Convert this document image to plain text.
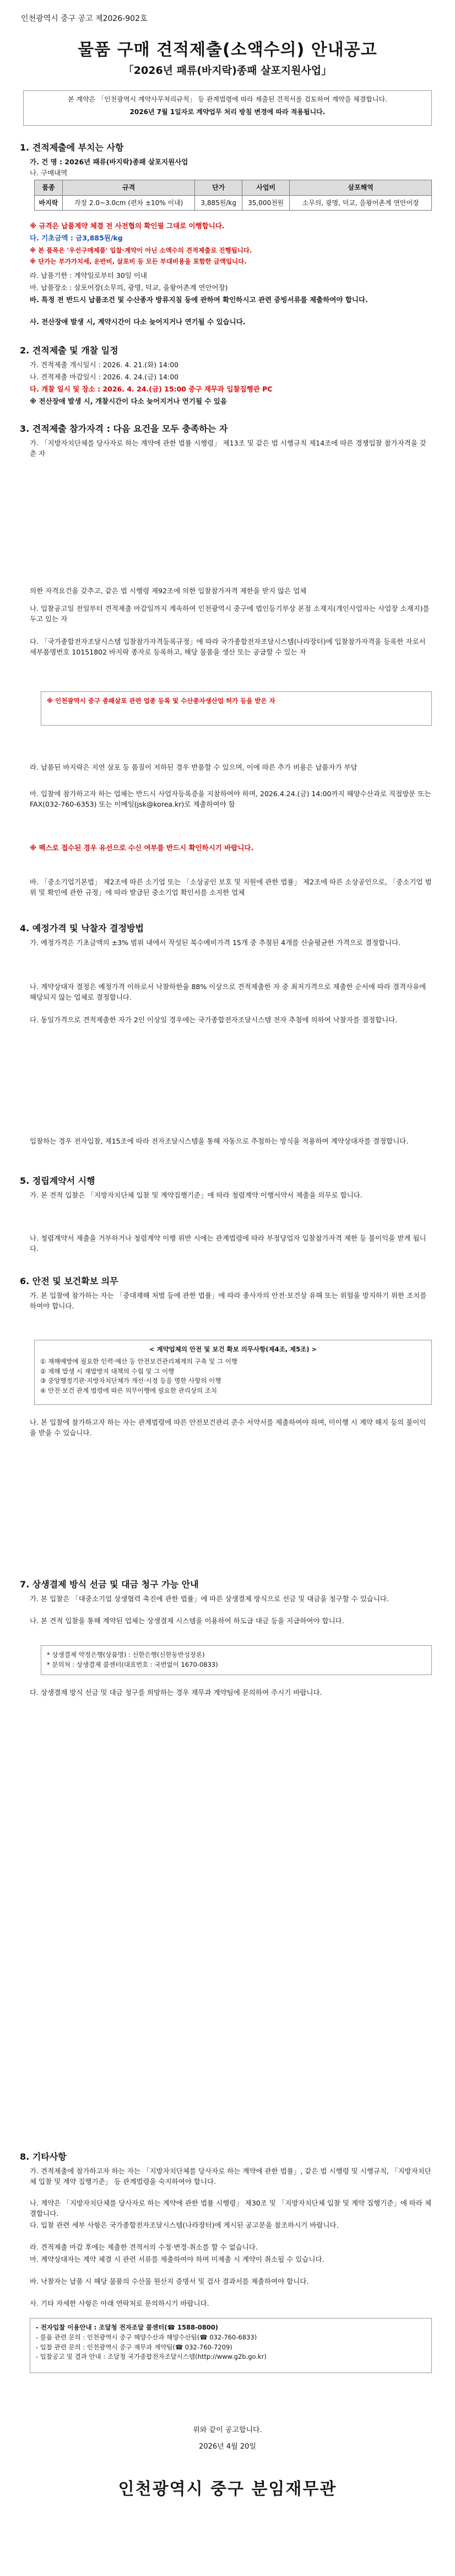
인천광역시 중구 공고 제2026-902호
물품 구매 견적제출(소액수의) 안내공고
「2026년 패류(바지락)종패 살포지원사업」
본 계약은 「인천광역시 계약사무처리규칙」 등 관계법령에 따라 제출된 견적서를 검토하여 계약을 체결합니다.
2026년 7월 1일자로 계약업무 처리 방침 변경에 따라 적용됩니다.
1. 견적제출에 부치는 사항
가. 건 명 : 2026년 패류(바지락)종패 살포지원사업
나. 구매내역
품종	규격	단가	사업비	살포해역
바지락	각장 2.0~3.0cm (편차 ±10% 이내)	3,885원/kg	35,000천원	소무의, 광명, 덕교, 을왕어촌계 연안어장
※ 규격은 납품계약 체결 전 사전협의 확인필 그대로 이행합니다.
다. 기초금액 : 금3,885원/kg
※ 본 품목은 '우선구매제품' 입찰·계약이 아닌 소액수의 견적제출로 진행됩니다.
※ 단가는 부가가치세, 운반비, 살포비 등 모든 부대비용을 포함한 금액입니다.
라. 납품기한 : 계약일로부터 30일 이내
마. 납품장소 : 살포어장(소무의, 광명, 덕교, 을왕어촌계 연안어장)
바. 특정 전 반드시 납품조건 및 수산종자 방류지침 등에 관하여 확인하시고 관련 증빙서류를 제출하여야 합니다.
사. 전산장애 발생 시, 계약시간이 다소 늦어지거나 연기될 수 있습니다.
2. 견적제출 및 개찰 일정
가. 견적제출 개시일시 : 2026. 4. 21.(화) 14:00
나. 견적제출 마감일시 : 2026. 4. 24.(금) 14:00
다. 개찰 일시 및 장소 : 2026. 4. 24.(금) 15:00 중구 재무과 입찰집행관 PC
※ 전산장애 발생 시, 개찰시간이 다소 늦어지거나 연기될 수 있음
3. 견적제출 참가자격 : 다음 요건을 모두 충족하는 자
가. 「지방자치단체를 당사자로 하는 계약에 관한 법률 시행령」 제13조 및 같은 법 시행규칙 제14조에 따른 경쟁입찰 참가자격을 갖춘 자
의한 자격요건을 갖추고, 같은 법 시행령 제92조에 의한 입찰참가자격 제한을 받지 않은 업체
나. 입찰공고일 전일부터 견적제출 마감일까지 계속하여 인천광역시 중구에 법인등기부상 본점 소재지(개인사업자는 사업장 소재지)를 두고 있는 자
다. 「국가종합전자조달시스템 입찰참가자격등록규정」에 따라 국가종합전자조달시스템(나라장터)에 입찰참가자격을 등록한 자로서 세부품명번호 10151802 바지락 종자로 등록하고, 해당 물품을 생산 또는 공급할 수 있는 자
※ 인천광역시 중구 종패살포 관련 업종 등록 및 수산종자생산업 허가 등을 받은 자
라. 납품된 바지락은 지연 살포 등 품질이 저하된 경우 반품할 수 있으며, 이에 따른 추가 비용은 납품자가 부담
마. 입찰에 참가하고자 하는 업체는 반드시 사업자등록증을 지참하여야 하며, 2026.4.24.(금) 14:00까지 해양수산과로 직접방문 또는 FAX(032-760-6353) 또는 이메일(jsk@korea.kr)로 제출하여야 함
※ 팩스로 접수된 경우 유선으로 수신 여부를 반드시 확인하시기 바랍니다.
바. 「중소기업기본법」 제2조에 따른 소기업 또는 「소상공인 보호 및 지원에 관한 법률」 제2조에 따른 소상공인으로, 「중소기업 범위 및 확인에 관한 규정」에 따라 발급된 중소기업 확인서를 소지한 업체
4. 예정가격 및 낙찰자 결정방법
가. 예정가격은 기초금액의 ±3% 범위 내에서 작성된 복수예비가격 15개 중 추첨된 4개를 산술평균한 가격으로 결정합니다.
나. 계약상대자 결정은 예정가격 이하로서 낙찰하한율 88% 이상으로 견적제출한 자 중 최저가격으로 제출한 순서에 따라 결격사유에 해당되지 않는 업체로 결정합니다.
다. 동일가격으로 견적제출한 자가 2인 이상일 경우에는 국가종합전자조달시스템 전자 추첨에 의하여 낙찰자를 결정합니다.
입찰하는 경우 전자입찰, 제15조에 따라 전자조달시스템을 통해 자동으로 추첨하는 방식을 적용하여 계약상대자를 결정합니다.
5. 정립계약서 시행
가. 본 견적 입찰은 「지방자치단체 입찰 및 계약집행기준」에 따라 청렴계약 이행서약서 제출을 의무로 합니다.
나. 청렴계약서 제출을 거부하거나 청렴계약 이행 위반 시에는 관계법령에 따라 부정당업자 입찰참가자격 제한 등 불이익을 받게 됩니다.
6. 안전 및 보건확보 의무
가. 본 입찰에 참가하는 자는 「중대재해 처벌 등에 관한 법률」에 따라 종사자의 안전·보건상 유해 또는 위험을 방지하기 위한 조치를 하여야 합니다.
< 계약업체의 안전 및 보건 확보 의무사항(제4조, 제5조) >
① 재해예방에 필요한 인력·예산 등 안전보건관리체계의 구축 및 그 이행
② 재해 발생 시 재발방지 대책의 수립 및 그 이행
③ 중앙행정기관·지방자치단체가 개선·시정 등을 명한 사항의 이행
④ 안전·보건 관계 법령에 따른 의무이행에 필요한 관리상의 조치
나. 본 입찰에 참가하고자 하는 자는 관계법령에 따른 안전보건관리 준수 서약서를 제출하여야 하며, 미이행 시 계약 해지 등의 불이익을 받을 수 있습니다.
7. 상생결제 방식 선금 및 대금 청구 가능 안내
가. 본 입찰은 「대중소기업 상생협력 촉진에 관한 법률」에 따른 상생결제 방식으로 선금 및 대금을 청구할 수 있습니다.
나. 본 견적 입찰을 통해 계약된 업체는 상생결제 시스템을 이용하여 하도급 대금 등을 지급하여야 합니다.
* 상생결제 약정은행(상품명) : 신한은행(신한동반성장론)
* 문의처 : 상생결제 콜센터(대표번호 : 국번없이 1670-0833)
다. 상생결제 방식 선금 및 대금 청구를 희망하는 경우 재무과 계약팀에 문의하여 주시기 바랍니다.
8. 기타사항
가. 견적제출에 참가하고자 하는 자는 「지방자치단체를 당사자로 하는 계약에 관한 법률」, 같은 법 시행령 및 시행규칙, 「지방자치단체 입찰 및 계약 집행기준」 등 관계법령을 숙지하여야 합니다.
나. 계약은 「지방자치단체를 당사자로 하는 계약에 관한 법률 시행령」 제30조 및 「지방자치단체 입찰 및 계약 집행기준」에 따라 체결합니다.
다. 입찰 관련 세부 사항은 국가종합전자조달시스템(나라장터)에 게시된 공고문을 참조하시기 바랍니다.
라. 견적제출 마감 후에는 제출한 견적서의 수정·변경·취소를 할 수 없습니다.
마. 계약상대자는 계약 체결 시 관련 서류를 제출하여야 하며 미제출 시 계약이 취소될 수 있습니다.
바. 낙찰자는 납품 시 해당 물품의 수산물 원산지 증명서 및 검사 결과서를 제출하여야 합니다.
사. 기타 자세한 사항은 아래 연락처로 문의하시기 바랍니다.
- 전자입찰 이용안내 : 조달청 전자조달 콜센터(☎ 1588-0800)
- 물품 관련 문의 : 인천광역시 중구 해양수산과 해양수산팀(☎ 032-760-6833)
- 입찰 관련 문의 : 인천광역시 중구 재무과 계약팀(☎ 032-760-7209)
- 입찰공고 및 결과 안내 : 조달청 국가종합전자조달시스템(http://www.g2b.go.kr)
위와 같이 공고합니다.
2026년 4월 20일
인천광역시 중구 분임재무관
